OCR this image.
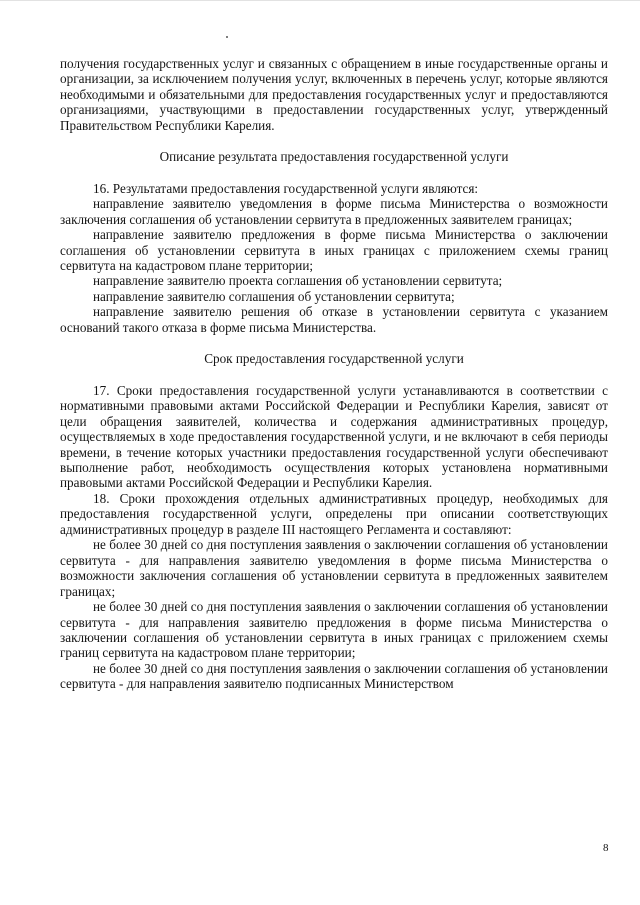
получения государственных услуг и связанных с обращением в иные государственные органы и организации, за исключением получения услуг, включенных в перечень услуг, которые являются необходимыми и обязательными для предоставления государственных услуг и предоставляются организациями, участвующими в предоставлении государственных услуг, утвержденный Правительством Республики Карелия.

Описание результата предоставления государственной услуги

16. Результатами предоставления государственной услуги являются:

направление заявителю уведомления в форме письма Министерства о возможности заключения соглашения об установлении сервитута в предложенных заявителем границах;

направление заявителю предложения в форме письма Министерства о заключении соглашения об установлении сервитута в иных границах с приложением схемы границ сервитута на кадастровом плане территории;

направление заявителю проекта соглашения об установлении сервитута;

направление заявителю соглашения об установлении сервитута;

направление заявителю решения об отказе в установлении сервитута с указанием оснований такого отказа в форме письма Министерства.

Срок предоставления государственной услуги

17. Сроки предоставления государственной услуги устанавливаются в соответствии с нормативными правовыми актами Российской Федерации и Республики Карелия, зависят от цели обращения заявителей, количества и содержания административных процедур, осуществляемых в ходе предоставления государственной услуги, и не включают в себя периоды времени, в течение которых участники предоставления государственной услуги обеспечивают выполнение работ, необходимость осуществления которых установлена нормативными правовыми актами Российской Федерации и Республики Карелия.

18. Сроки прохождения отдельных административных процедур, необходимых для предоставления государственной услуги, определены при описании соответствующих административных процедур в разделе III настоящего Регламента и составляют:

не более 30 дней со дня поступления заявления о заключении соглашения об установлении сервитута - для направления заявителю уведомления в форме письма Министерства о возможности заключения соглашения об установлении сервитута в предложенных заявителем границах;

не более 30 дней со дня поступления заявления о заключении соглашения об установлении сервитута - для направления заявителю предложения в форме письма Министерства о заключении соглашения об установлении сервитута в иных границах с приложением схемы границ сервитута на кадастровом плане территории;

не более 30 дней со дня поступления заявления о заключении соглашения об установлении сервитута - для направления заявителю подписанных Министерством

8
